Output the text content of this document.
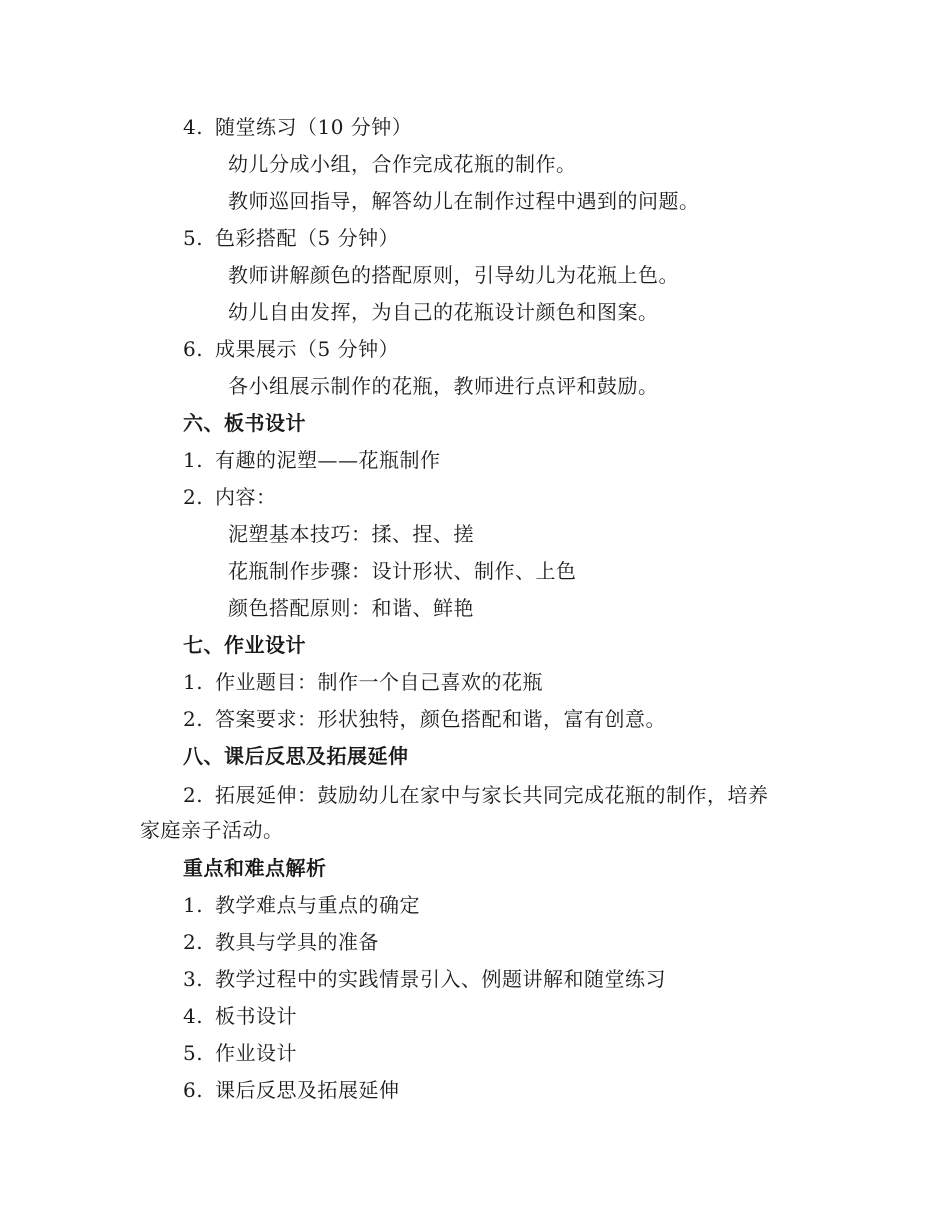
4. 随堂练习（10 分钟）
幼儿分成小组，合作完成花瓶的制作。
教师巡回指导，解答幼儿在制作过程中遇到的问题。
5. 色彩搭配（5 分钟）
教师讲解颜色的搭配原则，引导幼儿为花瓶上色。
幼儿自由发挥，为自己的花瓶设计颜色和图案。
6. 成果展示（5 分钟）
各小组展示制作的花瓶，教师进行点评和鼓励。
六、板书设计
1. 有趣的泥塑——花瓶制作
2. 内容：
泥塑基本技巧：揉、捏、搓
花瓶制作步骤：设计形状、制作、上色
颜色搭配原则：和谐、鲜艳
七、作业设计
1. 作业题目：制作一个自己喜欢的花瓶
2. 答案要求：形状独特，颜色搭配和谐，富有创意。
八、课后反思及拓展延伸
2. 拓展延伸：鼓励幼儿在家中与家长共同完成花瓶的制作，培养
家庭亲子活动。
重点和难点解析
1. 教学难点与重点的确定
2. 教具与学具的准备
3. 教学过程中的实践情景引入、例题讲解和随堂练习
4. 板书设计
5. 作业设计
6. 课后反思及拓展延伸
